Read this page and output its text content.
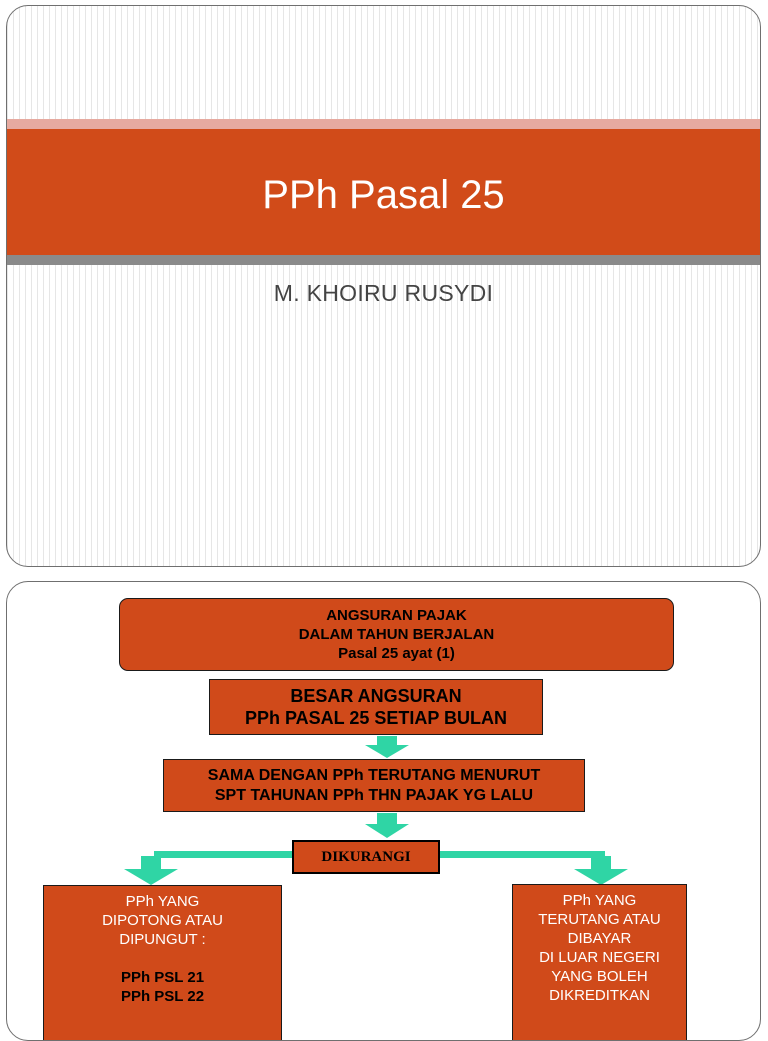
PPh Pasal 25
M. KHOIRU RUSYDI
ANGSURAN PAJAK
DALAM TAHUN BERJALAN
Pasal 25 ayat (1)
BESAR ANGSURAN
PPh PASAL 25 SETIAP BULAN
SAMA DENGAN PPh TERUTANG MENURUT
SPT TAHUNAN PPh THN PAJAK YG LALU
DIKURANGI
PPh YANG
DIPOTONG ATAU
DIPUNGUT :
PPh PSL 21
PPh PSL 22
PPh YANG
TERUTANG ATAU
DIBAYAR
DI LUAR NEGERI
YANG BOLEH
DIKREDITKAN
